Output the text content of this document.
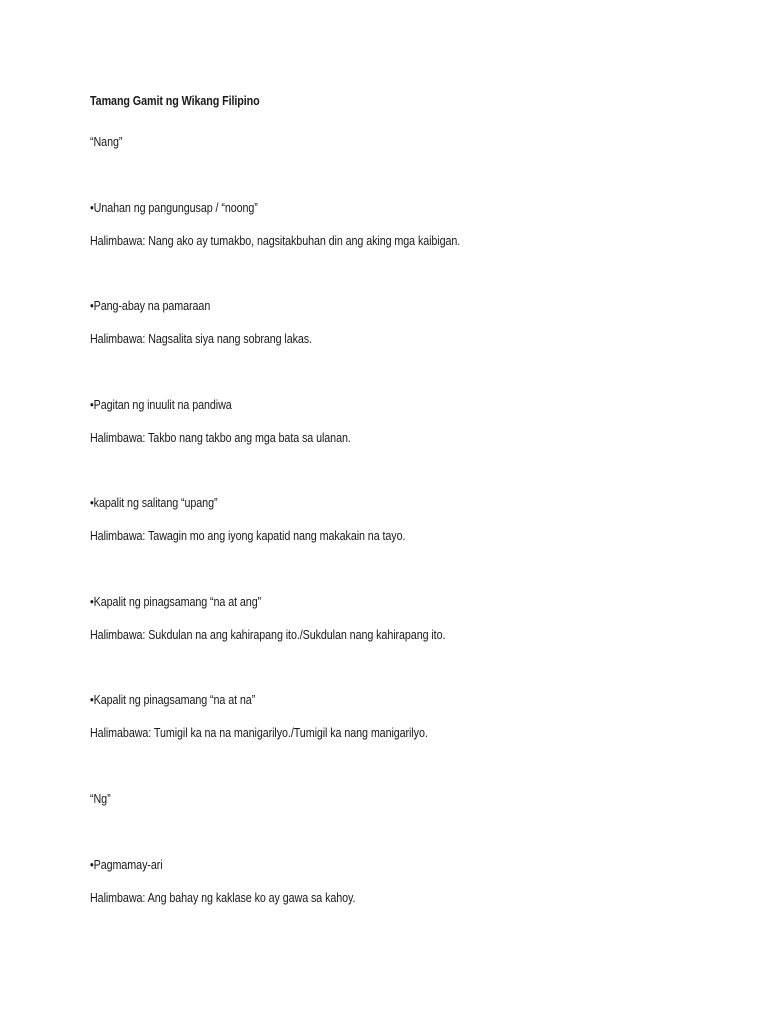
Tamang Gamit ng Wikang Filipino
“Nang”
•Unahan ng pangungusap / “noong”
Halimbawa: Nang ako ay tumakbo, nagsitakbuhan din ang aking mga kaibigan.
•Pang-abay na pamaraan
Halimbawa: Nagsalita siya nang sobrang lakas.
•Pagitan ng inuulit na pandiwa
Halimbawa: Takbo nang takbo ang mga bata sa ulanan.
•kapalit ng salitang “upang”
Halimbawa: Tawagin mo ang iyong kapatid nang makakain na tayo.
•Kapalit ng pinagsamang “na at ang”
Halimbawa: Sukdulan na ang kahirapang ito./Sukdulan nang kahirapang ito.
•Kapalit ng pinagsamang “na at na”
Halimabawa: Tumigil ka na na manigarilyo./Tumigil ka nang manigarilyo.
“Ng”
•Pagmamay-ari
Halimbawa: Ang bahay ng kaklase ko ay gawa sa kahoy.
